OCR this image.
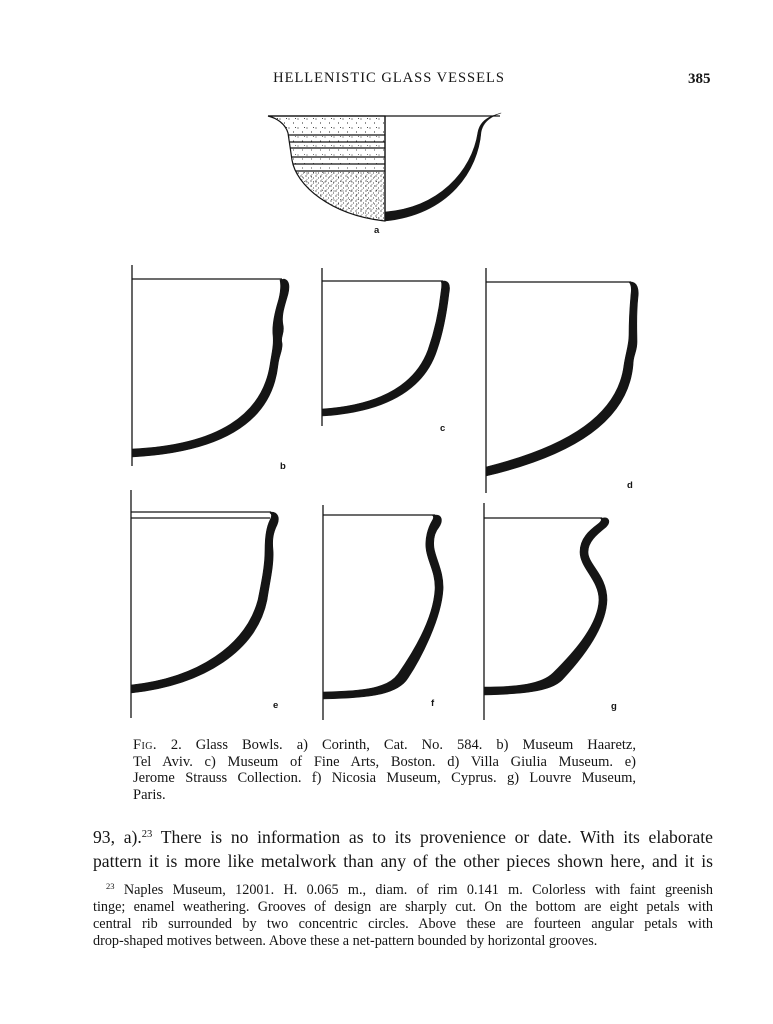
HELLENISTIC GLASS VESSELS	385
a
b
c
d
e	f	g
Fig. 2. Glass Bowls. a) Corinth, Cat. No. 584. b) Museum Haaretz,
Tel Aviv. c) Museum of Fine Arts, Boston. d) Villa Giulia Museum. e)
Jerome Strauss Collection. f) Nicosia Museum, Cyprus. g) Louvre Museum,
Paris.
93, a).$^{23}$ There is no information as to its provenience or date. With its elaborate
pattern it is more like metalwork than any of the other pieces shown here, and it is
$^{23}$ Naples Museum, 12001. H. 0.065 m., diam. of rim 0.141 m. Colorless with faint greenish
tinge; enamel weathering. Grooves of design are sharply cut. On the bottom are eight petals with
central rib surrounded by two concentric circles. Above these are fourteen angular petals with
drop-shaped motives between. Above these a net-pattern bounded by horizontal grooves.
